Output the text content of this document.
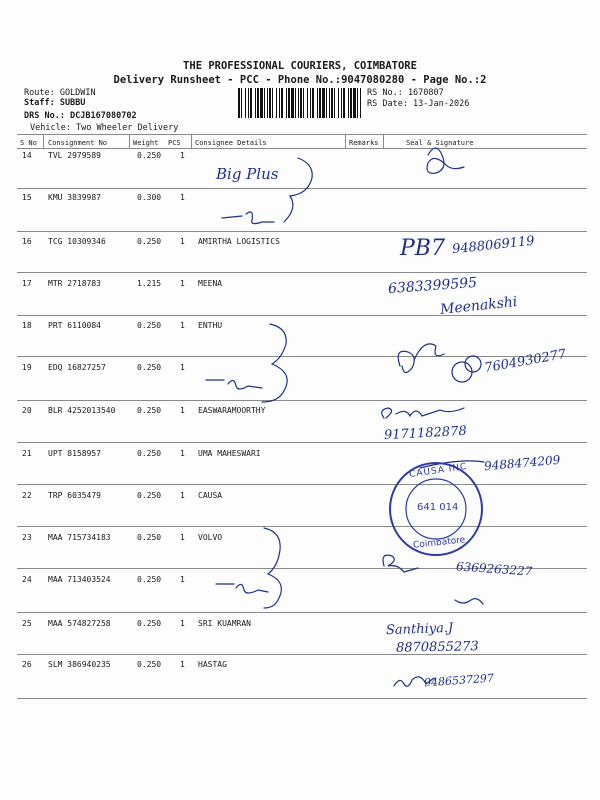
THE PROFESSIONAL COURIERS, COIMBATORE
Delivery Runsheet - PCC - Phone No.:9047080280 - Page No.:2
Route: GOLDWIN
Staff: SUBBU
DRS No.: DCJB167080702
Vehicle: Two Wheeler Delivery
RS No.: 1670807
RS Date: 13-Jan-2026
S No Consignment No	Weight PCS Consignee Details	Remarks	Seal & Signature
14 TVL 2979589	0.250 1
15 KMU 3839987	0.300 1
16 TCG 10309346	0.250 1 AMIRTHA LOGISTICS
17 MTR 2718783	1.215 1 MEENA
18 PRT 6110084	0.250 1 ENTHU
19 EDQ 16827257	0.250 1
20 BLR 4252013540	0.250 1 EASWARAMOORTHY
21 UPT 8158957	0.250 1 UMA MAHESWARI
22 TRP 6035479	0.250 1 CAUSA
23 MAA 715734183	0.250 1 VOLVO
24 MAA 713403524	0.250 1
25 MAA 574827258	0.250 1 SRI KUAMRAN
26 SLM 386940235	0.250 1 HASTAG
Big Plus
PB7 9488069119
6383399595
Meenakshi
7604930277
9171182878
9488474209
6369263227
Santhiya.J
8870855273
9486537297
CAUSA INC
641 014
Coimbatore
